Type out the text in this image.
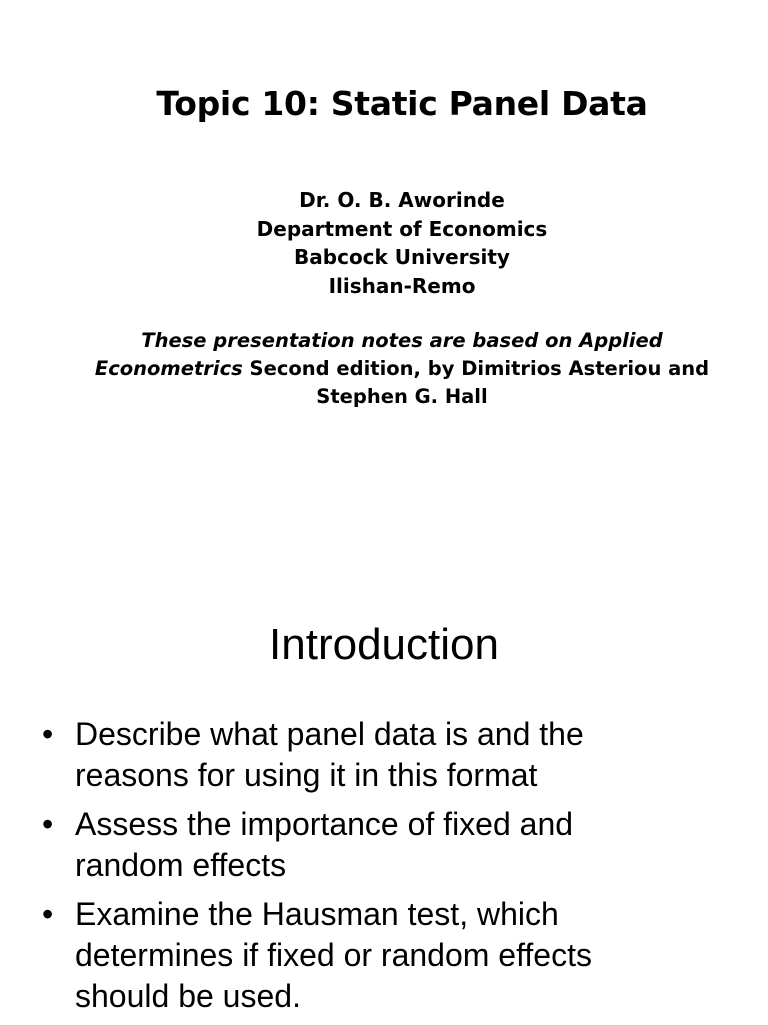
Topic 10: Static Panel Data
Dr. O. B. Aworinde
Department of Economics
Babcock University
Ilishan-Remo
These presentation notes are based on Applied Econometrics Second edition, by Dimitrios Asteriou and Stephen G. Hall
Introduction
• Describe what panel data is and the reasons for using it in this format
• Assess the importance of fixed and random effects
• Examine the Hausman test, which determines if fixed or random effects should be used.
